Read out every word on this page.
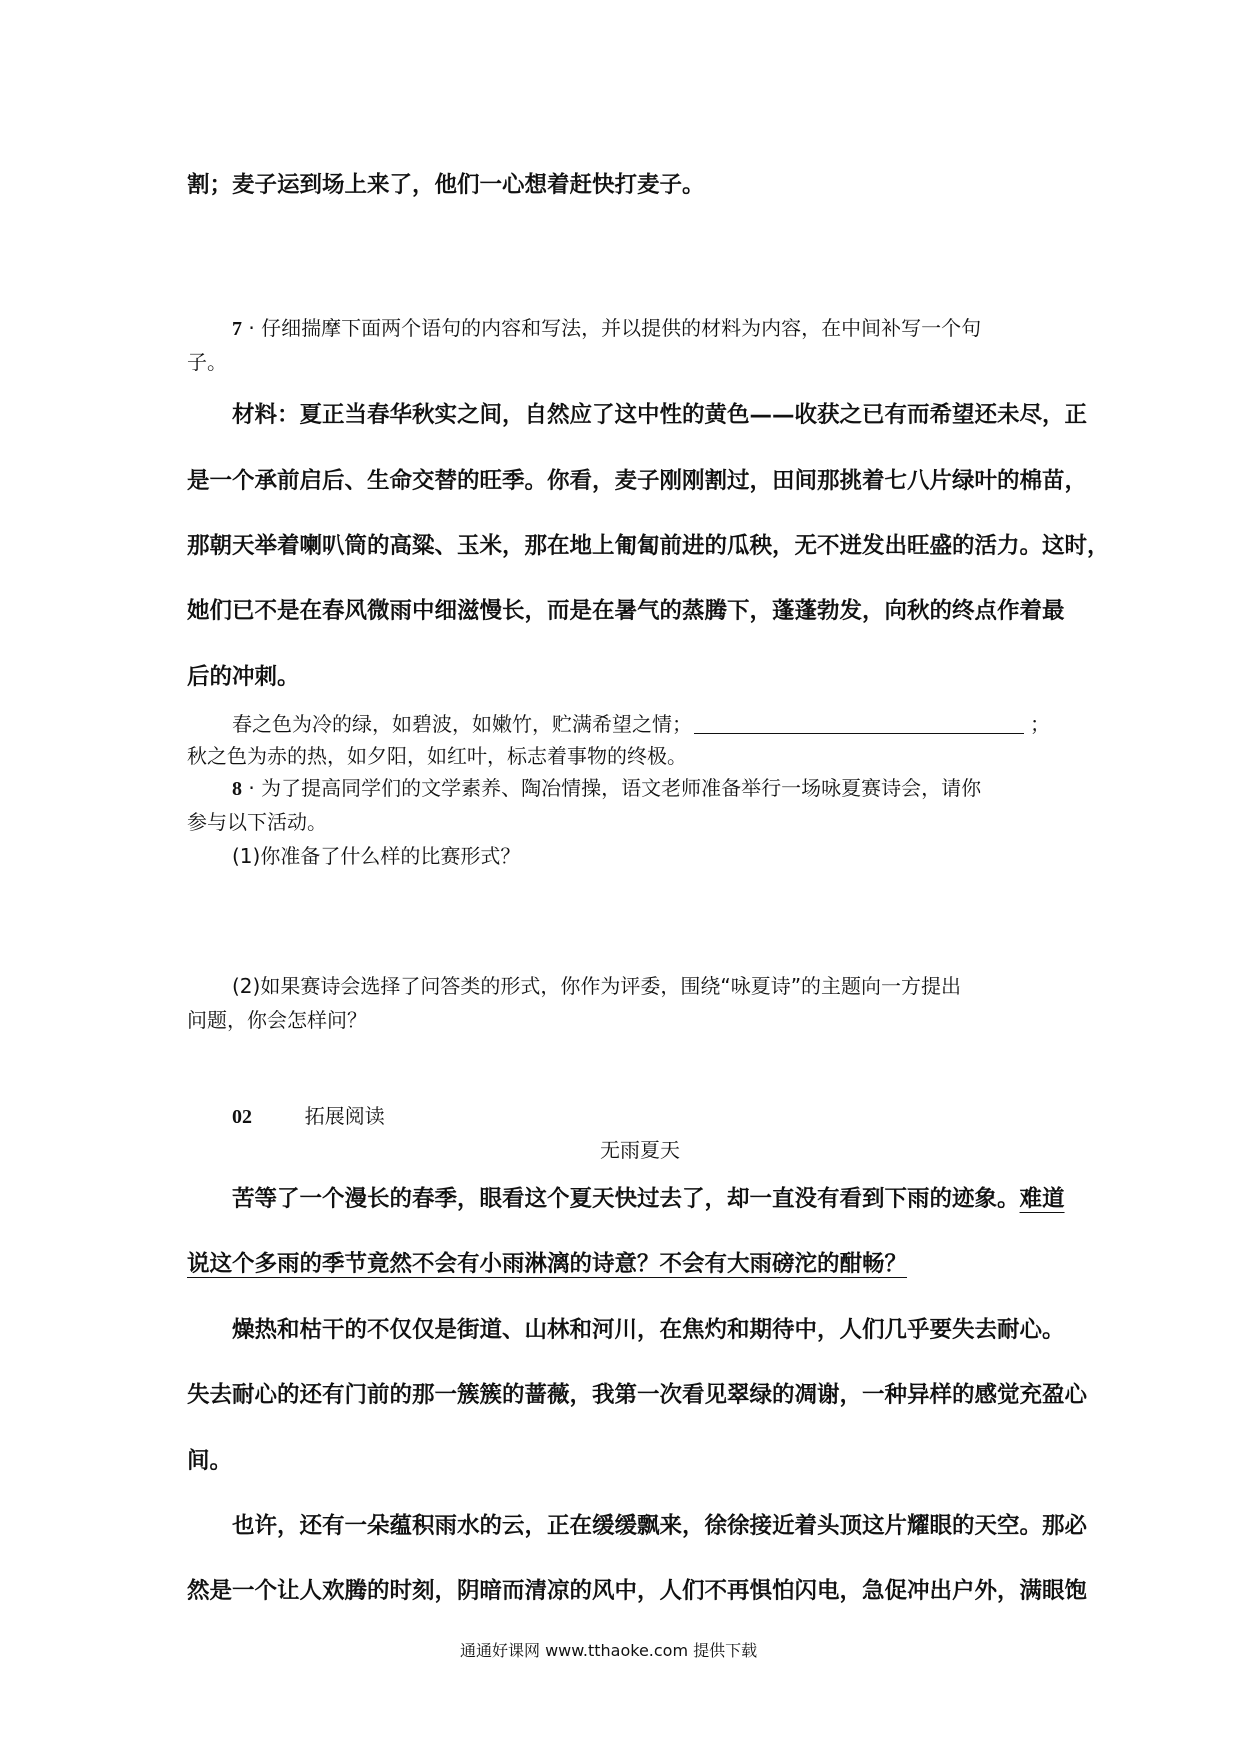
割；麦子运到场上来了，他们一心想着赶快打麦子。
7 · 仔细揣摩下面两个语句的内容和写法，并以提供的材料为内容，在中间补写一个句
子。
材料：夏正当春华秋实之间，自然应了这中性的黄色——收获之已有而希望还未尽，正
是一个承前启后、生命交替的旺季。你看，麦子刚刚割过，田间那挑着七八片绿叶的棉苗，
那朝天举着喇叭筒的高粱、玉米，那在地上匍匐前进的瓜秧，无不迸发出旺盛的活力。这时，
她们已不是在春风微雨中细滋慢长，而是在暑气的蒸腾下，蓬蓬勃发，向秋的终点作着最
后的冲刺。
春之色为冷的绿，如碧波，如嫩竹，贮满希望之情；	；
秋之色为赤的热，如夕阳，如红叶，标志着事物的终极。
8 · 为了提高同学们的文学素养、陶冶情操，语文老师准备举行一场咏夏赛诗会，请你
参与以下活动。
(1)你准备了什么样的比赛形式？
(2)如果赛诗会选择了问答类的形式，你作为评委，围绕“咏夏诗”的主题向一方提出
问题，你会怎样问？
02	拓展阅读
无雨夏天
苦等了一个漫长的春季，眼看这个夏天快过去了，却一直没有看到下雨的迹象。难道
说这个多雨的季节竟然不会有小雨淋漓的诗意？不会有大雨磅沱的酣畅？
燥热和枯干的不仅仅是街道、山林和河川，在焦灼和期待中，人们几乎要失去耐心。
失去耐心的还有门前的那一簇簇的蔷薇，我第一次看见翠绿的凋谢，一种异样的感觉充盈心
间。
也许，还有一朵蕴积雨水的云，正在缓缓飘来，徐徐接近着头顶这片耀眼的天空。那必
然是一个让人欢腾的时刻，阴暗而清凉的风中，人们不再惧怕闪电，急促冲出户外，满眼饱
通通好课网 www.tthaoke.com 提供下载
